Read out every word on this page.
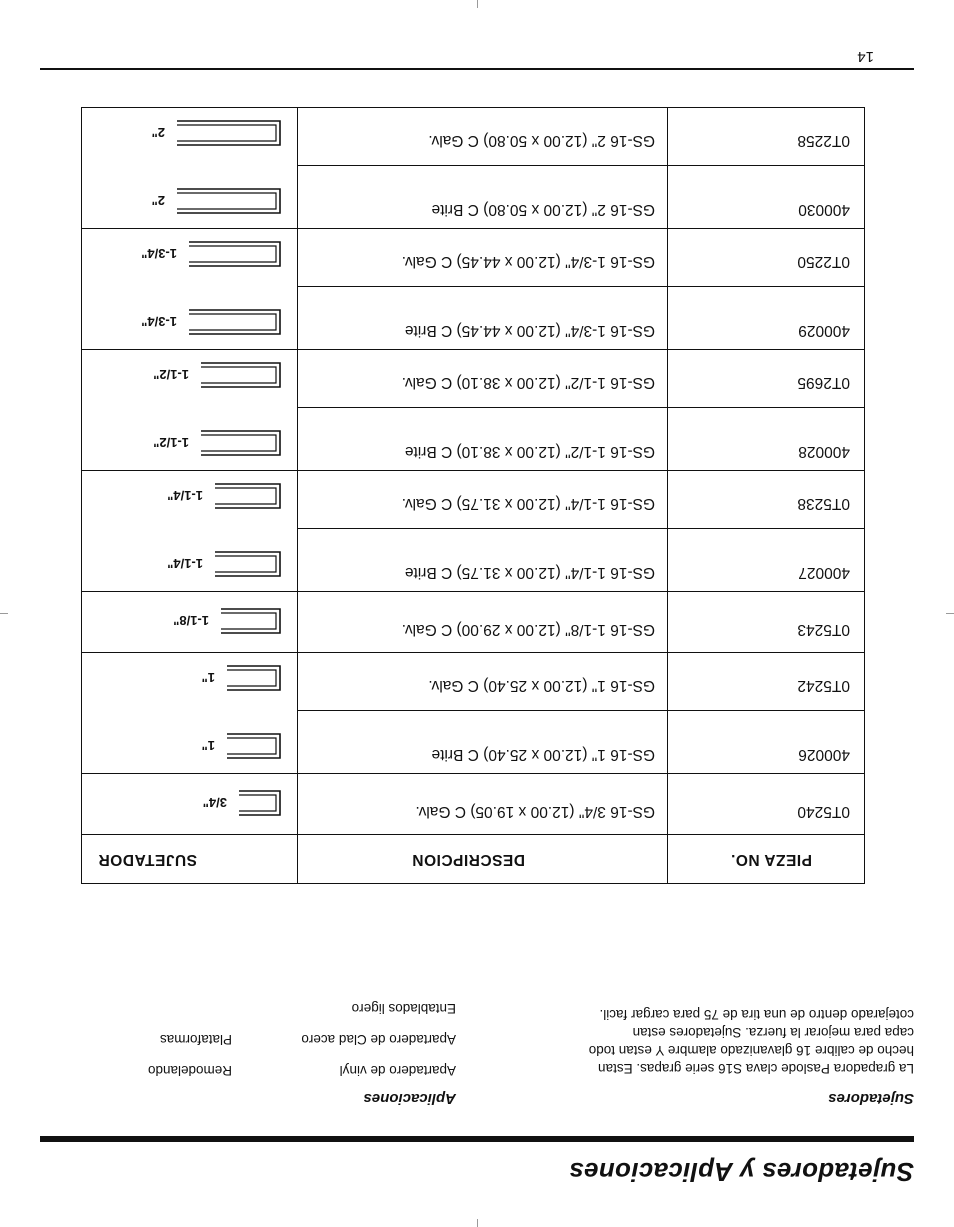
Sujetadores y Aplicaciones
Sujetadores
La grapadora Paslode clava S16 serie grapas. Estan
hecho de calibre 16 glavanizado alambre Y estan todo
capa para mejorar la fuerza. Sujetadores estan
cotejarado dentro de una tira de 75 para cargar facil.
Aplicaciones
Apartadero de vinyl
Apartadero de Clad acero
Entablados ligero
Remodelando
Plataformas
PIEZA NO.	DESCRIPCION	SUJETADOR
0T5240	GS-16 3/4" (12.00 x 19.05) C Galv.	3/4"

400026	GS-16 1" (12.00 x 25.40) C Brite	1"

0T5242	GS-16 1" (12.00 x 25.40) C Galv.	1"

0T5243	GS-16 1-1/8" (12.00 x 29.00) C Galv.	1-1/8"

400027	GS-16 1-1/4" (12.00 x 31.75) C Brite	1-1/4"

0T5238	GS-16 1-1/4" (12.00 x 31.75) C Galv.	1-1/4"

400028	GS-16 1-1/2" (12.00 x 38.10) C Brite	1-1/2"

0T2695	GS-16 1-1/2" (12.00 x 38.10) C Galv.	1-1/2"

400029	GS-16 1-3/4" (12.00 x 44.45) C Brite	1-3/4"

0T2250	GS-16 1-3/4" (12.00 x 44.45) C Galv.	1-3/4"

400030	GS-16 2" (12.00 x 50.80) C Brite	2"

0T2258	GS-16 2" (12.00 x 50.80) C Galv.	2"
14
